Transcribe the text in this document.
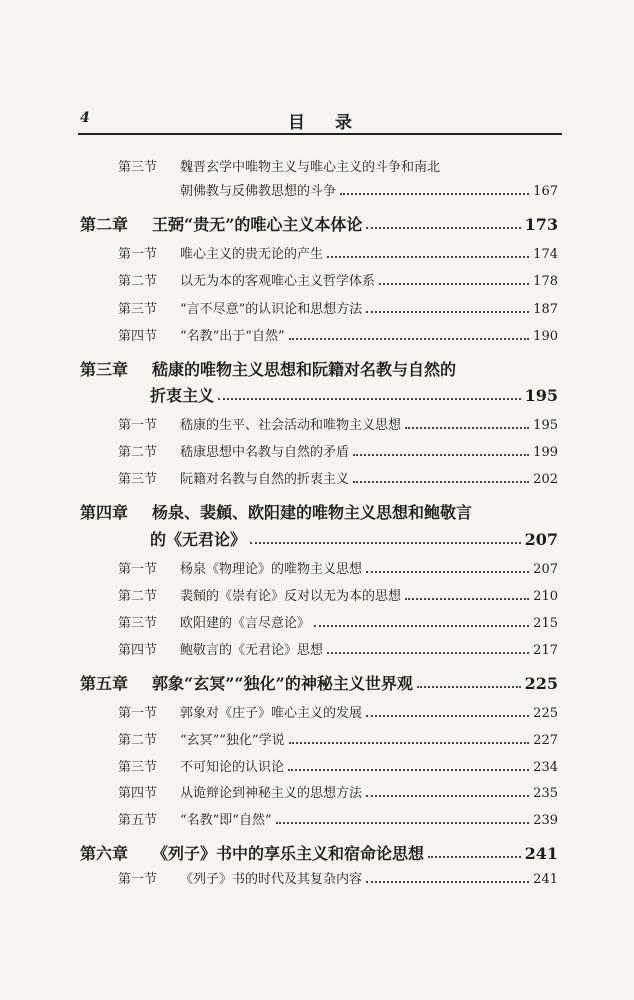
4	目录
第三节	魏晋玄学中唯物主义与唯心主义的斗争和南北
朝佛教与反佛教思想的斗争	167
第二章	王弼“贵无”的唯心主义本体论	173
第一节	唯心主义的贵无论的产生	174
第二节	以无为本的客观唯心主义哲学体系	178
第三节	“言不尽意”的认识论和思想方法	187
第四节	“名教”出于“自然”	190
第三章	嵇康的唯物主义思想和阮籍对名教与自然的
折衷主义	195
第一节	嵇康的生平、社会活动和唯物主义思想	195
第二节	嵇康思想中名教与自然的矛盾	199
第三节	阮籍对名教与自然的折衷主义	202
第四章	杨泉、裴頠、欧阳建的唯物主义思想和鲍敬言
的《无君论》	207
第一节	杨泉《物理论》的唯物主义思想	207
第二节	裴頠的《崇有论》反对以无为本的思想	210
第三节	欧阳建的《言尽意论》	215
第四节	鲍敬言的《无君论》思想	217
第五章	郭象“玄冥”“独化”的神秘主义世界观	225
第一节	郭象对《庄子》唯心主义的发展	225
第二节	“玄冥”“独化”学说	227
第三节	不可知论的认识论	234
第四节	从诡辩论到神秘主义的思想方法	235
第五节	“名教”即“自然”	239
第六章	《列子》书中的享乐主义和宿命论思想	241
第一节	《列子》书的时代及其复杂内容	241
